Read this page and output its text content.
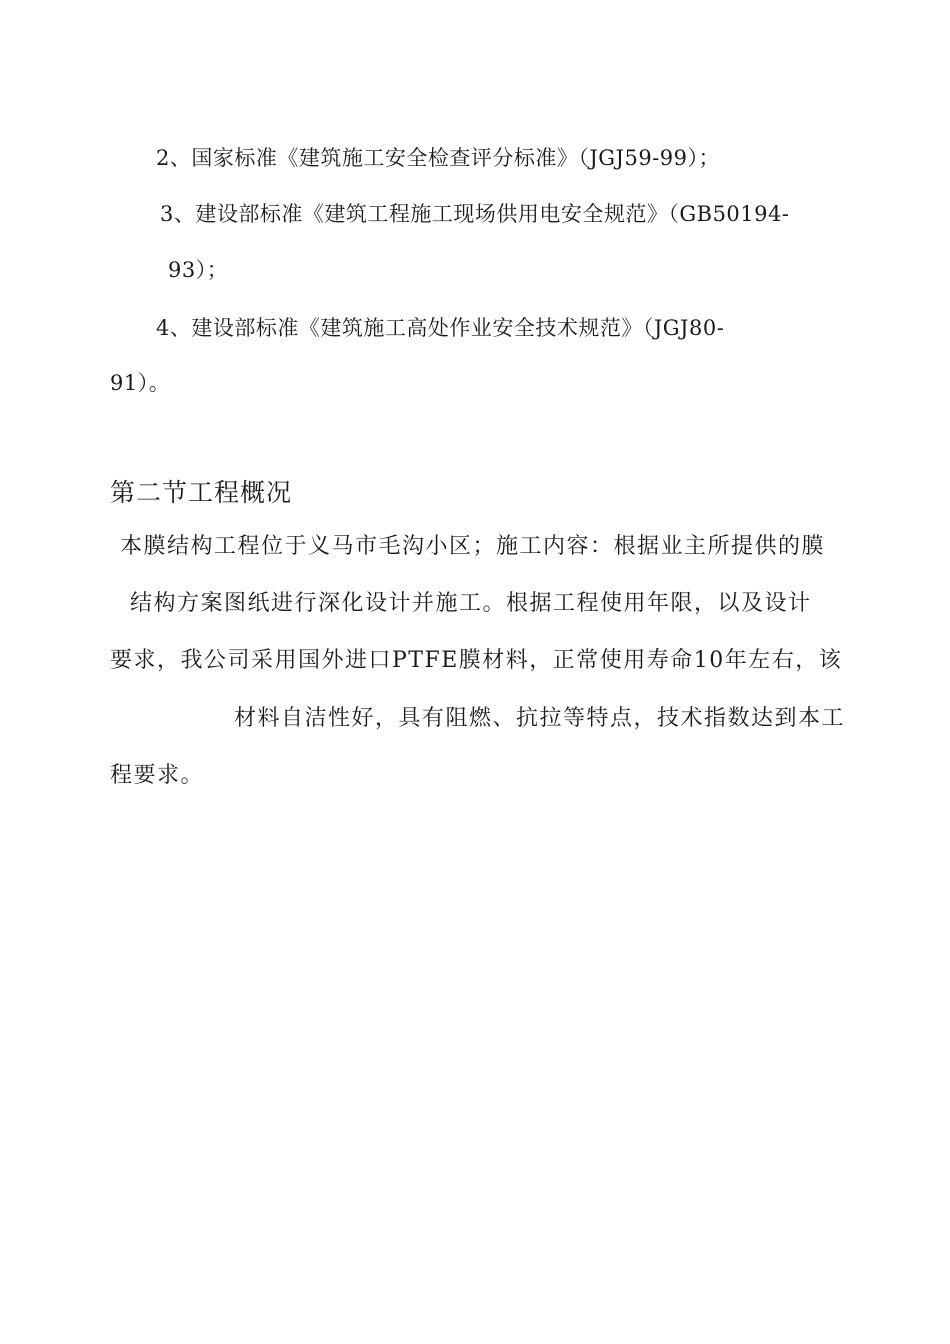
2、国家标准《建筑施工安全检查评分标准》（JGJ59-99）；
3、建设部标准《建筑工程施工现场供用电安全规范》（GB50194-
93）；
4、建设部标准《建筑施工高处作业安全技术规范》（JGJ80-
91）。
第二节工程概况
本膜结构工程位于义马市毛沟小区；施工内容：根据业主所提供的膜
结构方案图纸进行深化设计并施工。根据工程使用年限，以及设计
要求，我公司采用国外进口PTFE膜材料，正常使用寿命10年左右，该
材料自洁性好，具有阻燃、抗拉等特点，技术指数达到本工
程要求。
